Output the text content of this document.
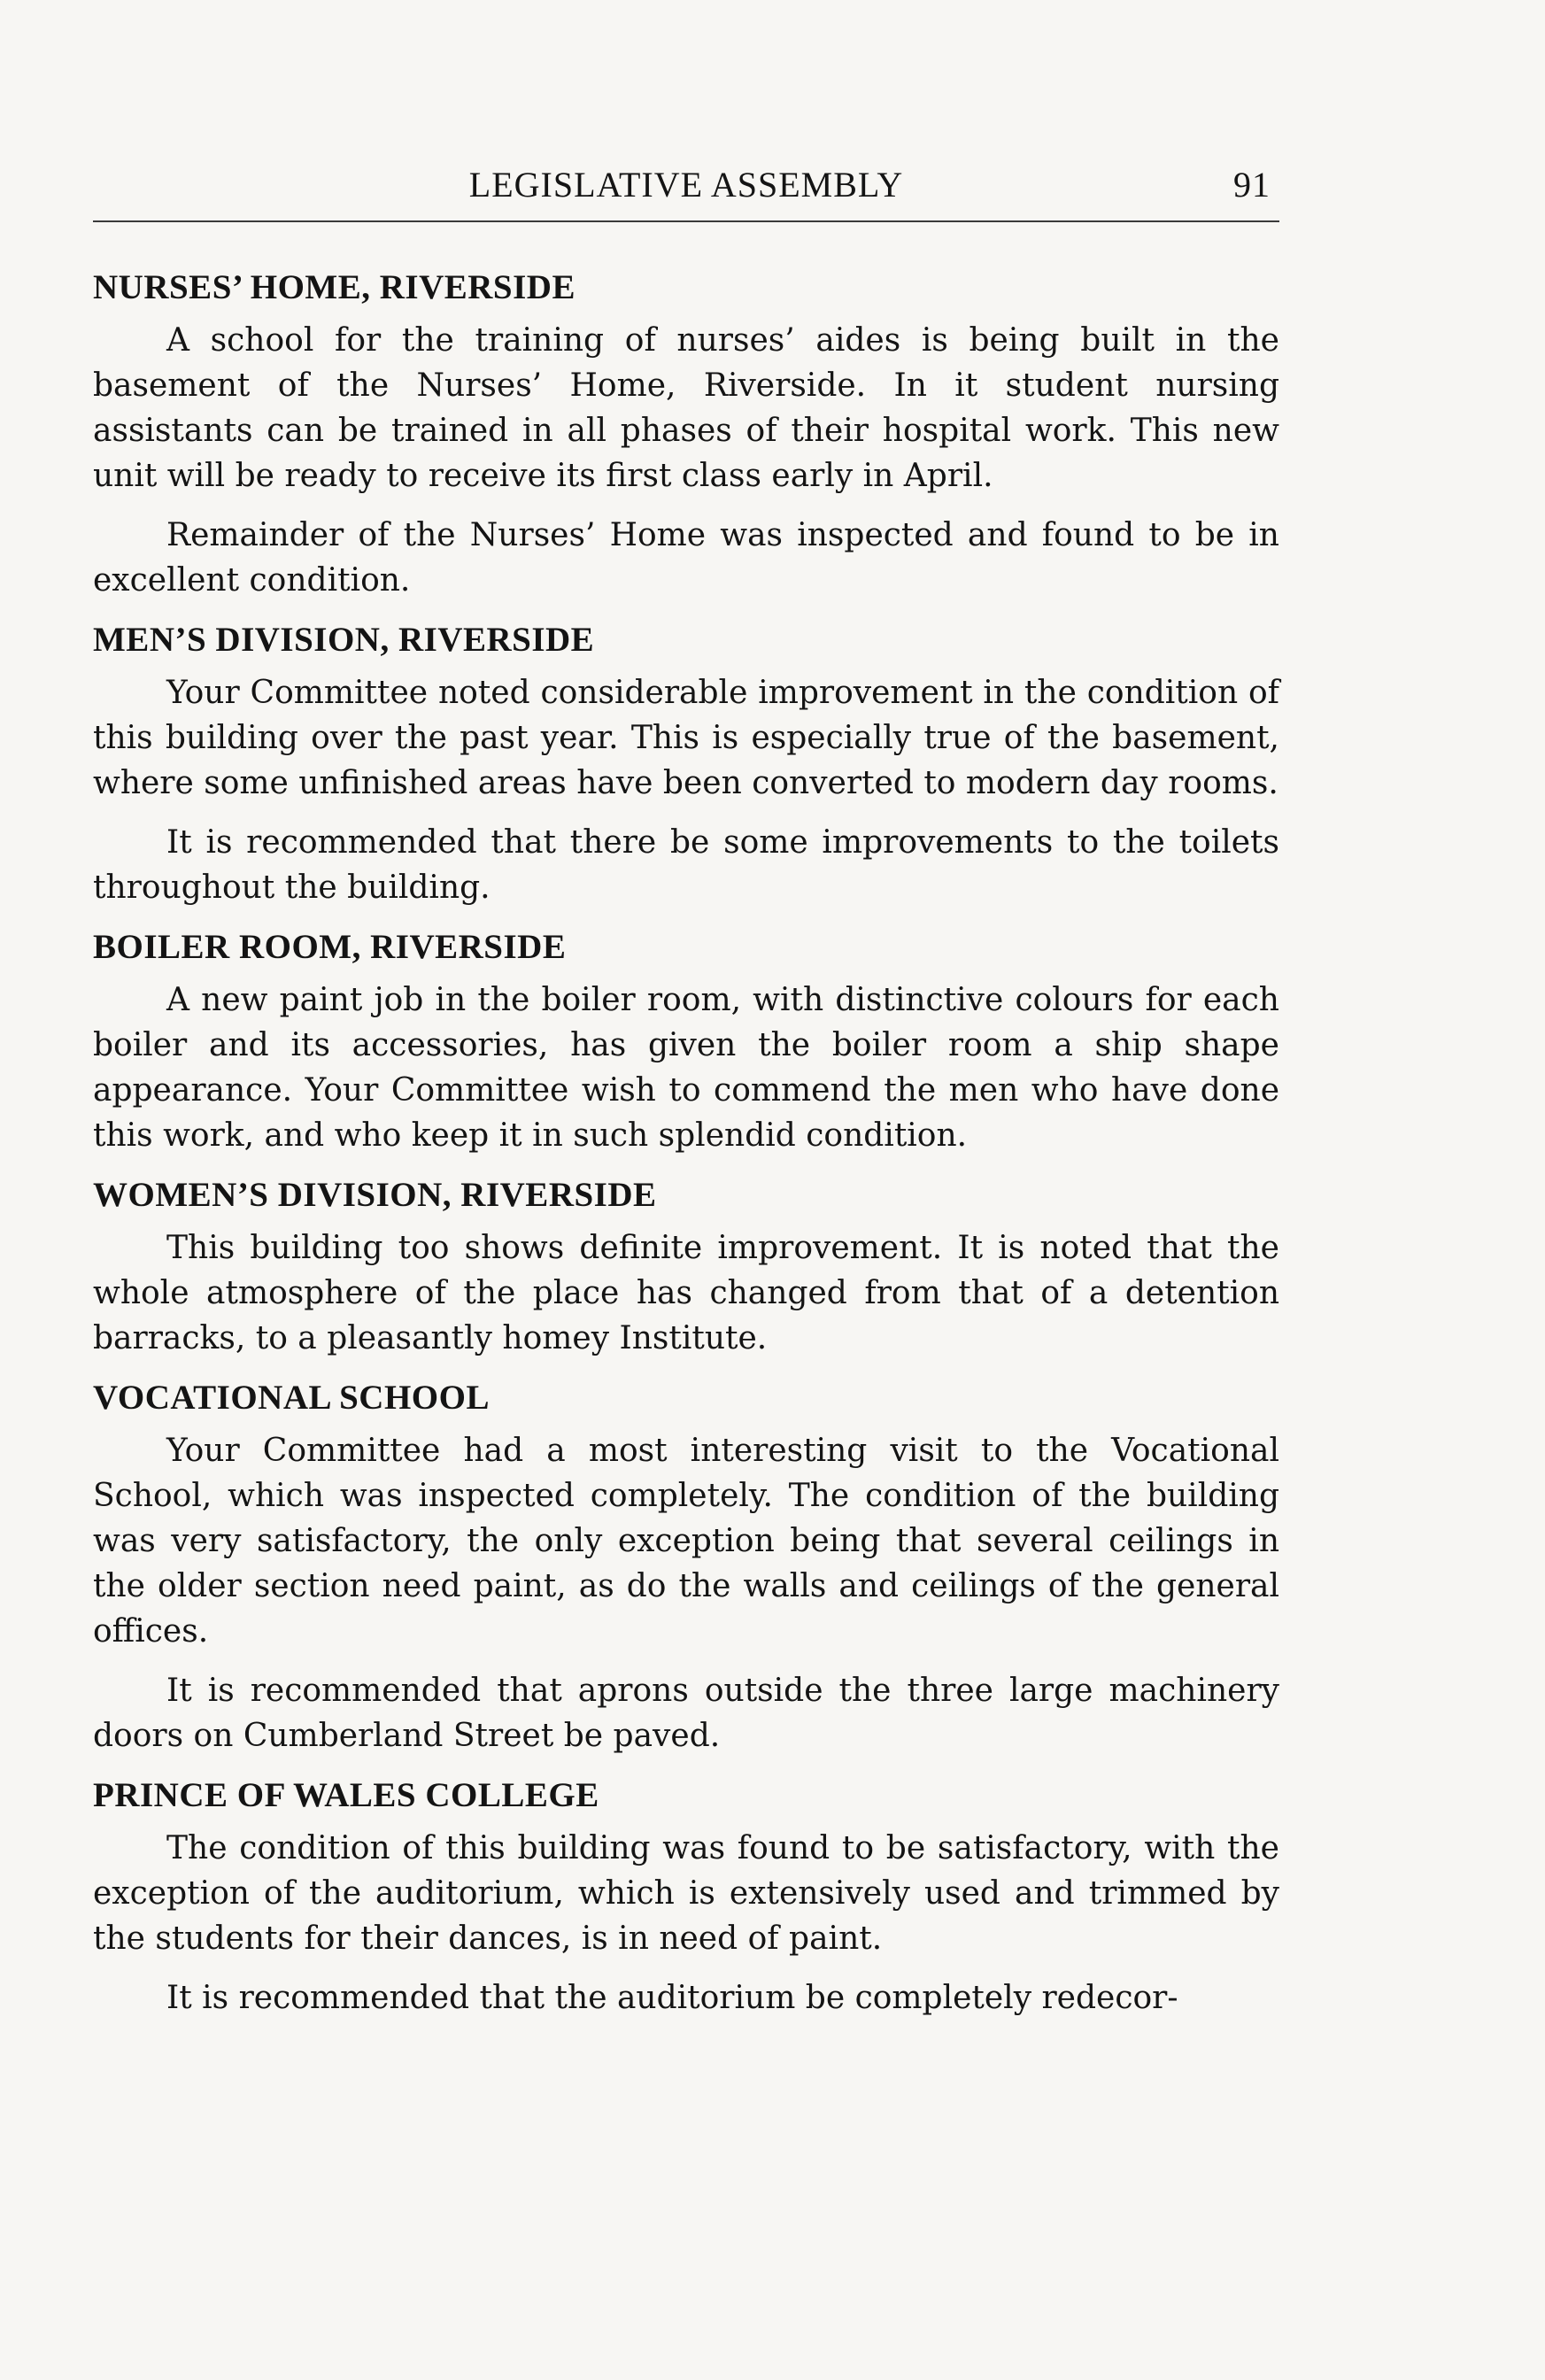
LEGISLATIVE ASSEMBLY	91
NURSES’ HOME, RIVERSIDE

A school for the training of nurses’ aides is being built in the basement of the Nurses’ Home, Riverside. In it student nursing assistants can be trained in all phases of their hospital work. This new unit will be ready to receive its first class early in April.

Remainder of the Nurses’ Home was inspected and found to be in excellent condition.

MEN’S DIVISION, RIVERSIDE

Your Committee noted considerable improvement in the condition of this building over the past year. This is especially true of the basement, where some unfinished areas have been converted to modern day rooms.

It is recommended that there be some improvements to the toilets throughout the building.

BOILER ROOM, RIVERSIDE

A new paint job in the boiler room, with distinctive colours for each boiler and its accessories, has given the boiler room a ship shape appearance. Your Committee wish to commend the men who have done this work, and who keep it in such splendid condition.

WOMEN’S DIVISION, RIVERSIDE

This building too shows definite improvement. It is noted that the whole atmosphere of the place has changed from that of a detention barracks, to a pleasantly homey Institute.

VOCATIONAL SCHOOL

Your Committee had a most interesting visit to the Vocational School, which was inspected completely. The condition of the building was very satisfactory, the only exception being that several ceilings in the older section need paint, as do the walls and ceilings of the general offices.

It is recommended that aprons outside the three large machinery doors on Cumberland Street be paved.

PRINCE OF WALES COLLEGE

The condition of this building was found to be satisfactory, with the exception of the auditorium, which is extensively used and trimmed by the students for their dances, is in need of paint.

It is recommended that the auditorium be completely redecor-
